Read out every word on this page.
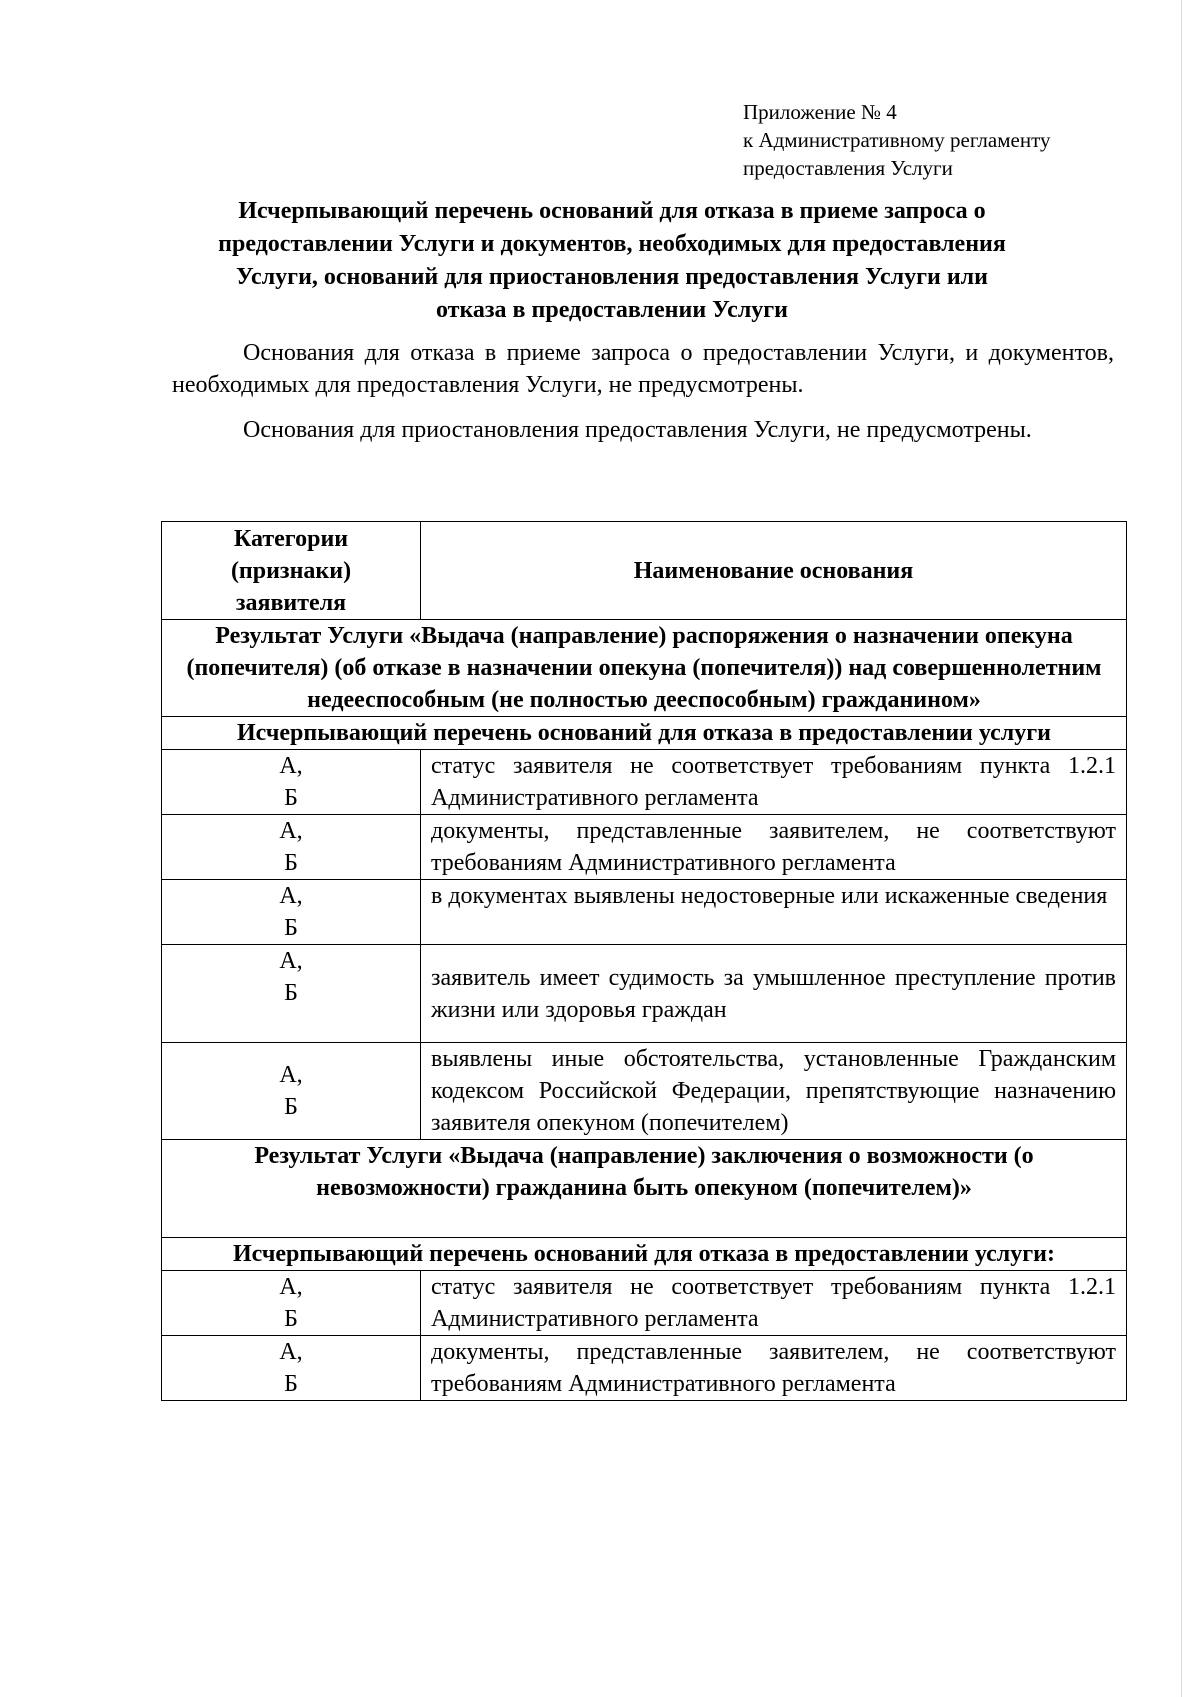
Приложение № 4
к Административному регламенту
предоставления Услуги
Исчерпывающий перечень оснований для отказа в приеме запроса о
предоставлении Услуги и документов, необходимых для предоставления
Услуги, оснований для приостановления предоставления Услуги или
отказа в предоставлении Услуги
Основания для отказа в приеме запроса о предоставлении Услуги, и документов, необходимых для предоставления Услуги, не предусмотрены.
Основания для приостановления предоставления Услуги, не предусмотрены.
Категории
(признаки)
заявителя	Наименование основания
Результат Услуги «Выдача (направление) распоряжения о назначении опекуна (попечителя) (об отказе в назначении опекуна (попечителя)) над совершеннолетним недееспособным (не полностью дееспособным) гражданином»	
Исчерпывающий перечень оснований для отказа в предоставлении услуги	

А,
Б	статус заявителя не соответствует требованиям пункта 1.2.1 Административного регламента

А,
Б	документы, представленные заявителем, не соответствуют требованиям Административного регламента

А,
Б	в документах выявлены недостоверные или искаженные сведения

А,
Б	заявитель имеет судимость за умышленное преступление против жизни или здоровья граждан

А,
Б	выявлены иные обстоятельства, установленные Гражданским кодексом Российской Федерации, препятствующие назначению заявителя опекуном (попечителем)
Результат Услуги «Выдача (направление) заключения о возможности (о невозможности) гражданина быть опекуном (попечителем)»	
Исчерпывающий перечень оснований для отказа в предоставлении услуги:	

А,
Б	статус заявителя не соответствует требованиям пункта 1.2.1 Административного регламента

А,
Б	документы, представленные заявителем, не соответствуют требованиям Административного регламента
